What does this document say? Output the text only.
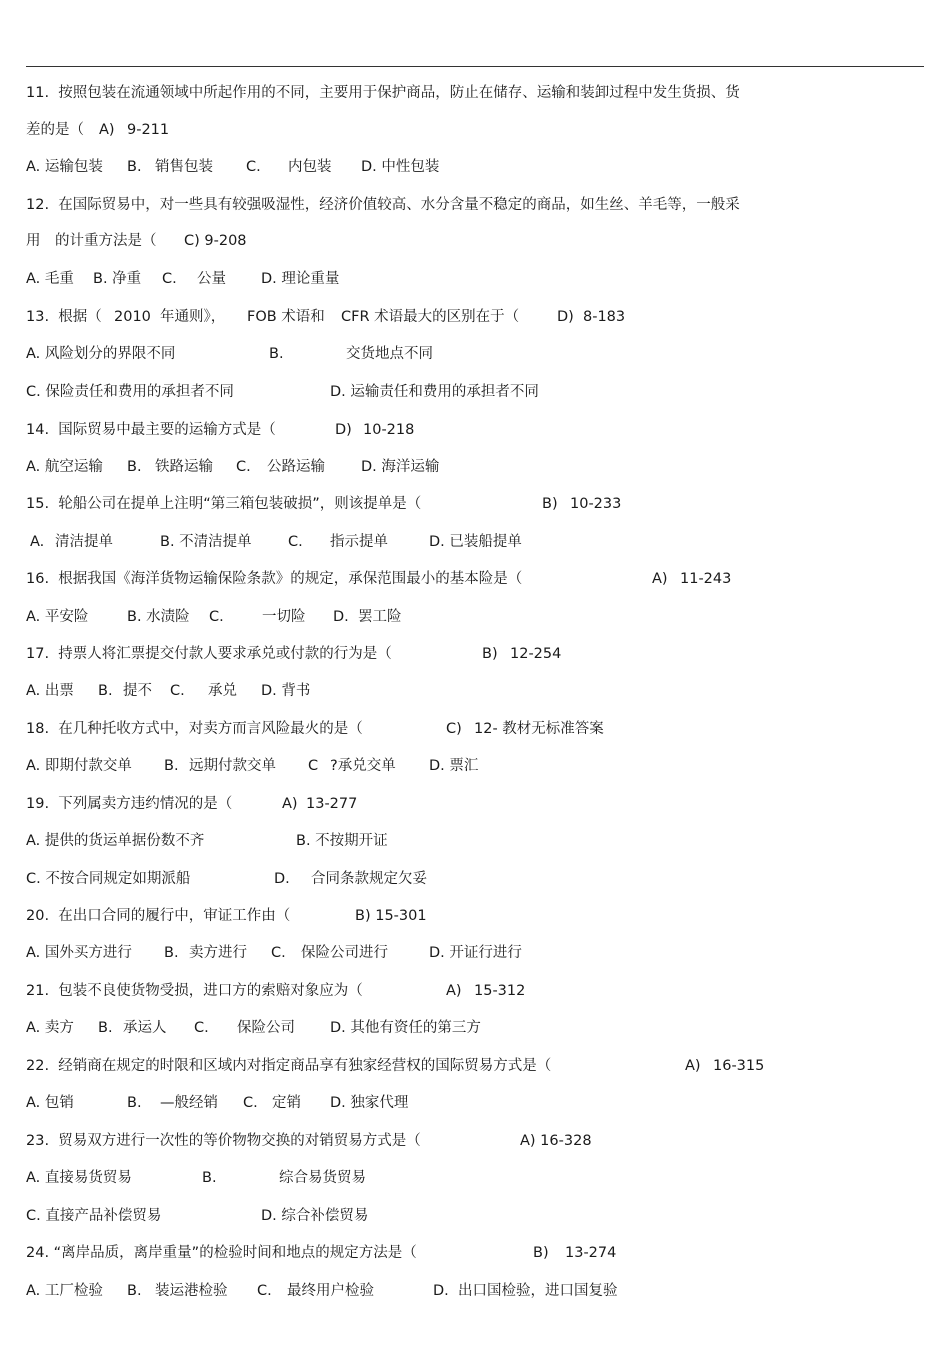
11.  按照包装在流通领域中所起作用的不同，主要用于保护商品，防止在储存、运输和装卸过程中发生货损、货
差的是（ A) 9-211
A. 运输包装 B. 销售包装 C. 内包装 D. 中性包装
12.  在国际贸易中，对一些具有较强吸湿性，经济价值较高、水分含量不稳定的商品，如生丝、羊毛等，一般采
用 的计重方法是（ C) 9-208
A. 毛重 B. 净重 C. 公量 D. 理论重量
13.  根据（ 2010 年通则》， FOB 术语和 CFR 术语最大的区别在于（	D) 8-183
A. 风险划分的界限不同	B.	交货地点不同
C. 保险责任和费用的承担者不同	D. 运输责任和费用的承担者不同
14.  国际贸易中最主要的运输方式是（	D) 10-218
A. 航空运输 B. 铁路运输 C. 公路运输 D. 海洋运输
15.  轮船公司在提单上注明“第三箱包装破损”，则该提单是（	B) 10-233
A. 清洁提单	B. 不清洁提单	C. 指示提单	D. 已装船提单
16.  根据我国《海洋货物运输保险条款》的规定，承保范围最小的基本险是（	A) 11-243
A. 平安险	B. 水渍险 C.	一切险 D. 罢工险
17.  持票人将汇票提交付款人要求承兑或付款的行为是（	B) 12-254
A. 出票 B. 提不 C. 承兑 D. 背书
18.  在几种托收方式中，对卖方而言风险最火的是（	C) 12- 教材无标准答案
A. 即期付款交单 B. 远期付款交单 C ?承兑交单 D. 票汇
19.  下列属卖方违约情况的是（	A) 13-277
A. 提供的货运单据份数不齐	B. 不按期开证
C. 不按合同规定如期派船	D. 合同条款规定欠妥
20.  在出口合同的履行中，审证工作由（	B) 15-301
A. 国外买方进行 B. 卖方进行 C. 保险公司进行	D. 开证行进行
21.  包装不良使货物受损，进口方的索赔对象应为（	A) 15-312
A. 卖方 B. 承运人 C. 保险公司 D. 其他有资任的第三方
22.  经销商在规定的时限和区域内对指定商品享有独家经营权的国际贸易方式是（	A) 16-315
A. 包销	B. —般经销 C. 定销 D. 独家代理
23.  贸易双方进行一次性的等价物物交换的对销贸易方式是（	A) 16-328
A. 直接易货贸易	B.	综合易货贸易
C. 直接产品补偿贸易	D. 综合补偿贸易
24. “离岸品质，离岸重量”的检验时间和地点的规定方法是（	B) 13-274
A. 工厂检验 B. 装运港检验 C. 最终用户检验	D. 出口国检验，进口国复验
